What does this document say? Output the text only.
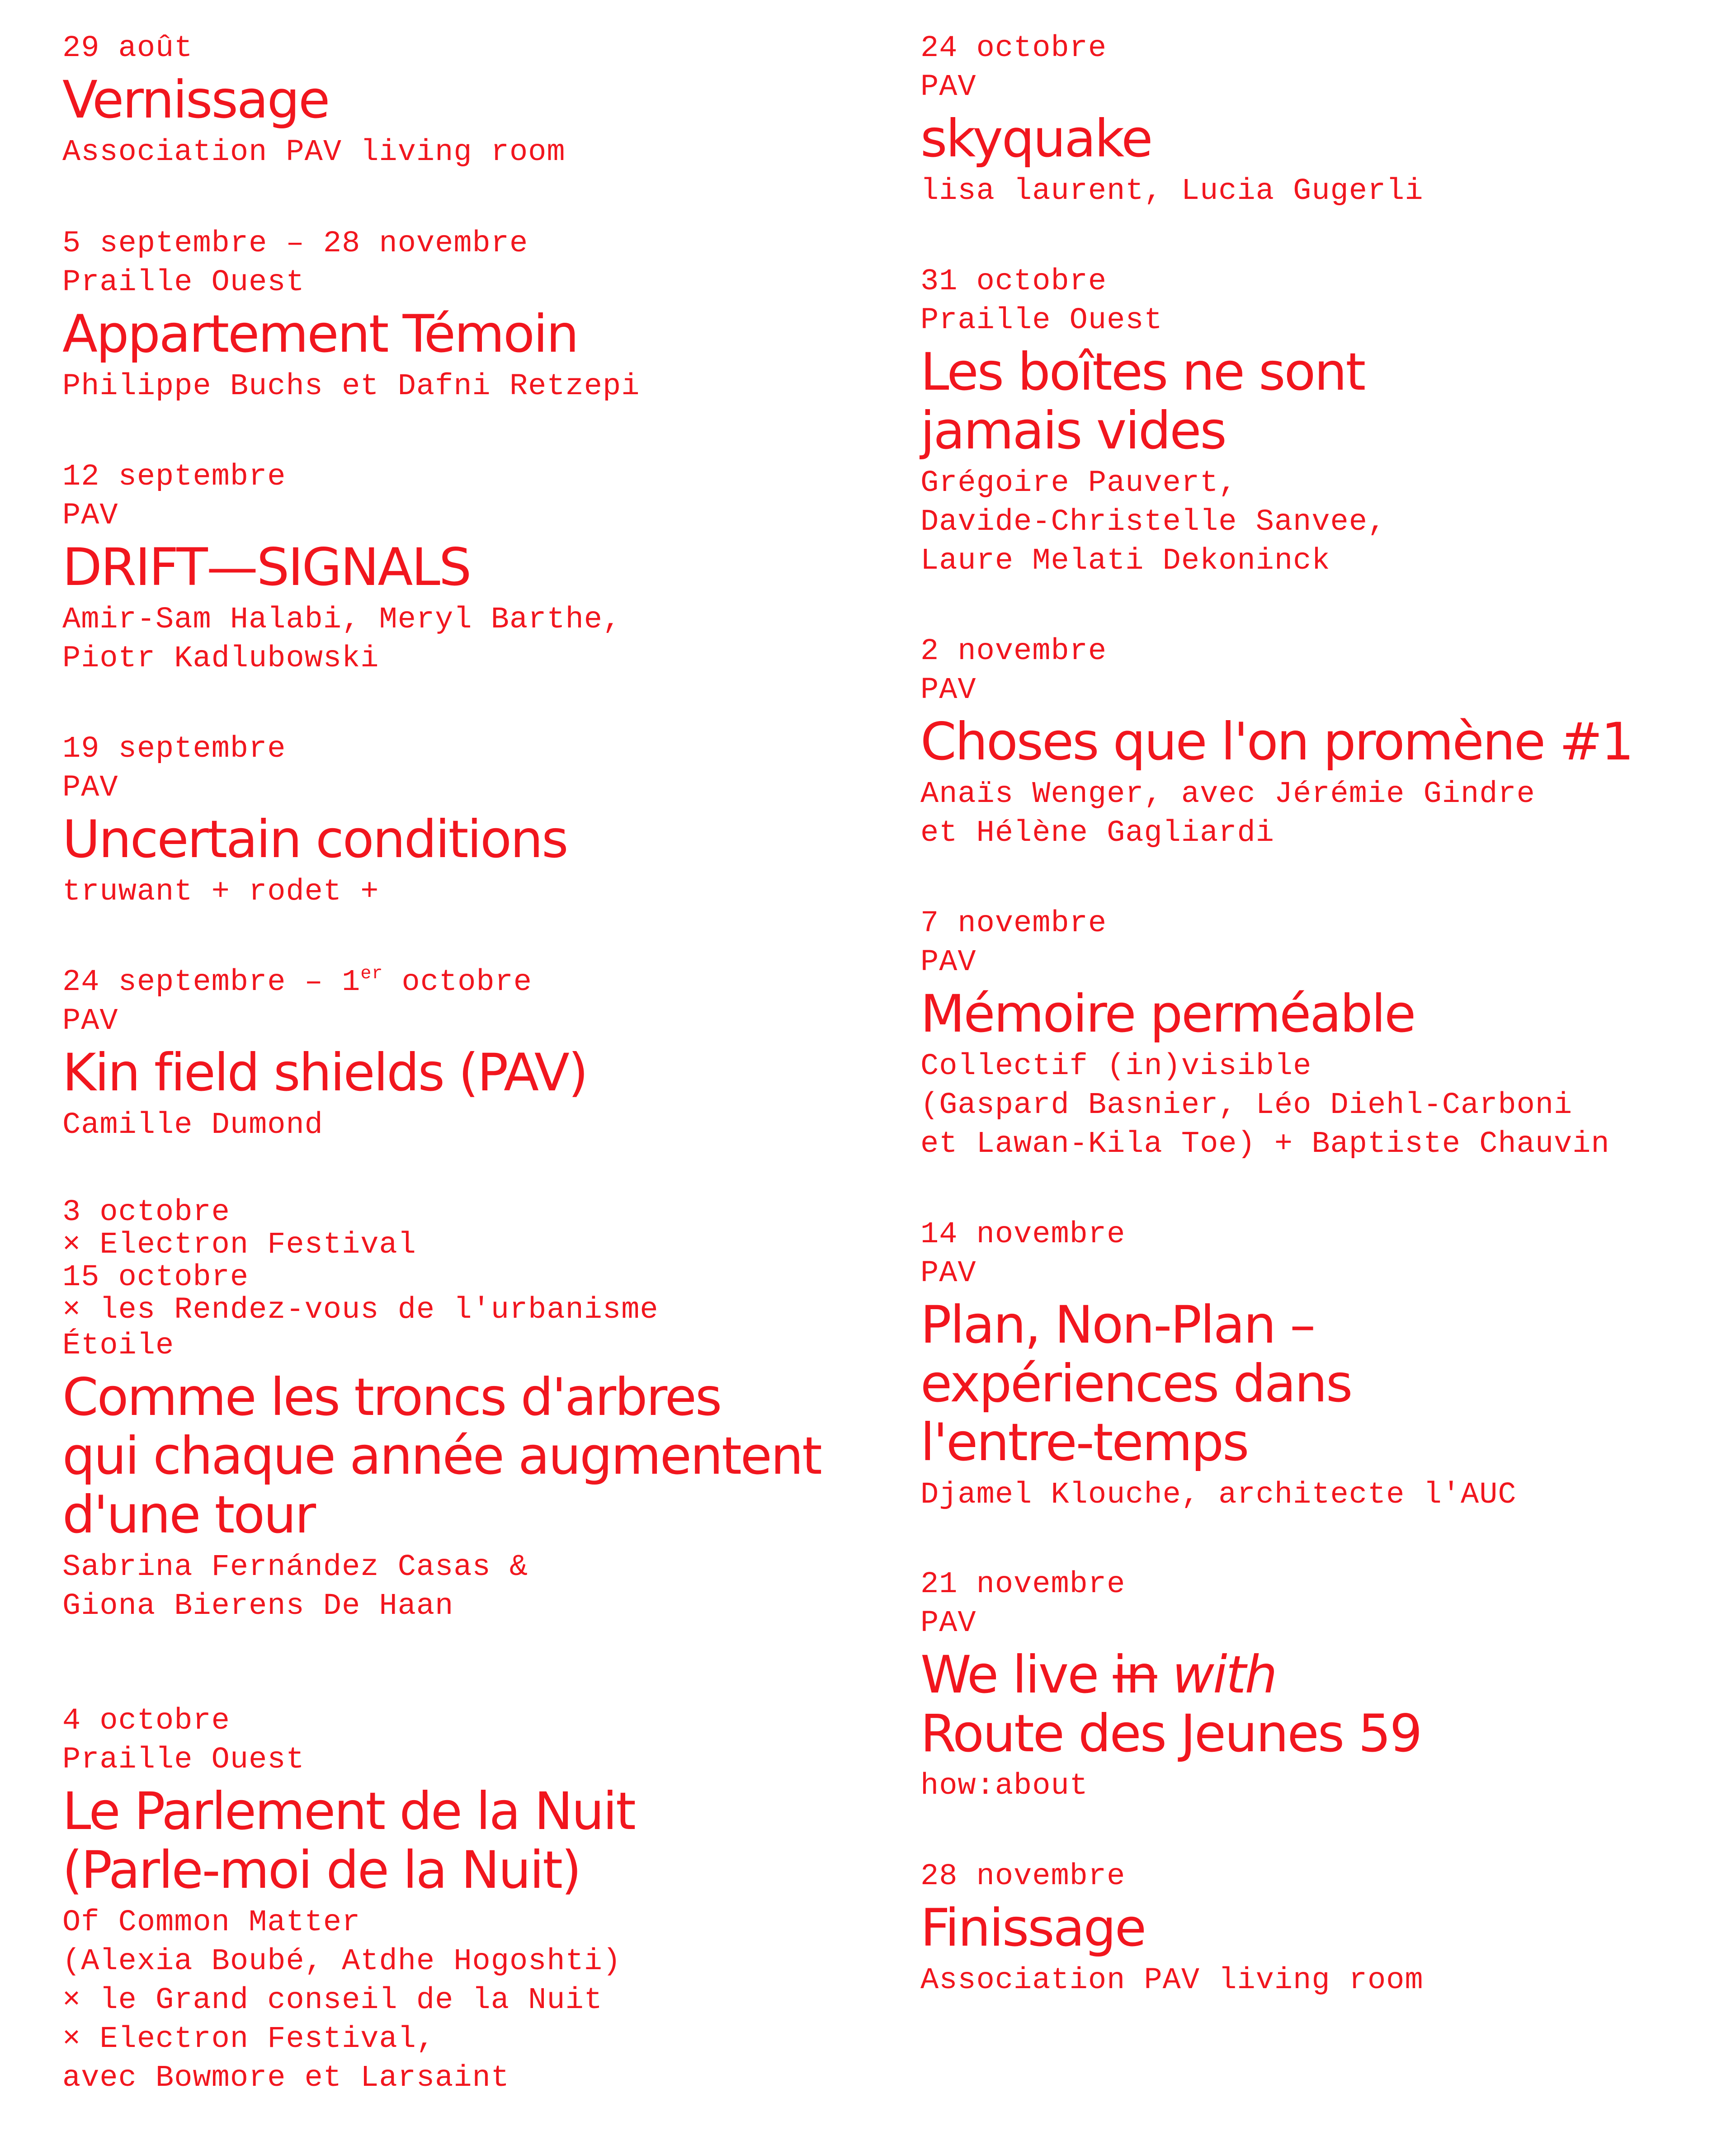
29 août
Vernissage
Association PAV living room
5 septembre – 28 novembre
Praille Ouest
Appartement Témoin
Philippe Buchs et Dafni Retzepi
12 septembre
PAV
DRIFT—SIGNALS
Amir-Sam Halabi, Meryl Barthe,
Piotr Kadlubowski
19 septembre
PAV
Uncertain conditions
truwant + rodet +
24 septembre – 1er octobre
PAV
Kin field shields (PAV)
Camille Dumond
3 octobre
× Electron Festival
15 octobre
× les Rendez-vous de l'urbanisme
Étoile
Comme les troncs d'arbres
qui chaque année augmentent
d'une tour
Sabrina Fernández Casas &
Giona Bierens De Haan
4 octobre
Praille Ouest
Le Parlement de la Nuit
(Parle-moi de la Nuit)
Of Common Matter
(Alexia Boubé, Atdhe Hogoshti)
× le Grand conseil de la Nuit
× Electron Festival,
avec Bowmore et Larsaint
24 octobre
PAV
skyquake
lisa laurent, Lucia Gugerli
31 octobre
Praille Ouest
Les boîtes ne sont
jamais vides
Grégoire Pauvert,
Davide-Christelle Sanvee,
Laure Melati Dekoninck
2 novembre
PAV
Choses que l'on promène #1
Anaïs Wenger, avec Jérémie Gindre
et Hélène Gagliardi
7 novembre
PAV
Mémoire perméable
Collectif (in)visible
(Gaspard Basnier, Léo Diehl-Carboni
et Lawan-Kila Toe) + Baptiste Chauvin
14 novembre
PAV
Plan, Non-Plan –
expériences dans
l'entre-temps
Djamel Klouche, architecte l'AUC
21 novembre
PAV
We live in with
Route des Jeunes 59
how:about
28 novembre
Finissage
Association PAV living room
